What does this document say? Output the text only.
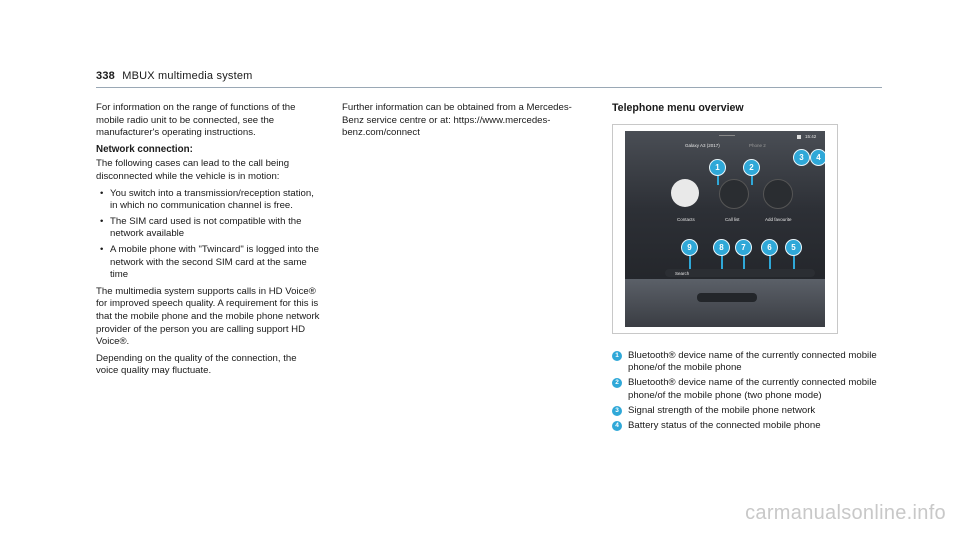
338 MBUX multimedia system

For information on the range of functions of the mobile radio unit to be connected, see the manufacturer's operating instructions.

Network connection:

The following cases can lead to the call being disconnected while the vehicle is in motion:

• You switch into a transmission/reception station, in which no communication channel is free.
• The SIM card used is not compatible with the network available
• A mobile phone with "Twincard" is logged into the network with the second SIM card at the same time

The multimedia system supports calls in HD Voice® for improved speech quality. A requirement for this is that the mobile phone and the mobile phone network provider of the person you are calling support HD Voice®.

Depending on the quality of the connection, the voice quality may fluctuate.

Further information can be obtained from a Mercedes-Benz service centre or at: https://www.mercedes-benz.com/connect

Telephone menu overview
Galaxy A3 (2017)	Phone 2
15:42
Contacts	Call list	Add favourite
Search
1	2
3	4
5
6
7
8
9
1 Bluetooth® device name of the currently connected mobile phone/of the mobile phone
2 Bluetooth® device name of the currently connected mobile phone/of the mobile phone (two phone mode)
3 Signal strength of the mobile phone network
4 Battery status of the connected mobile phone
carmanualsonline.info
